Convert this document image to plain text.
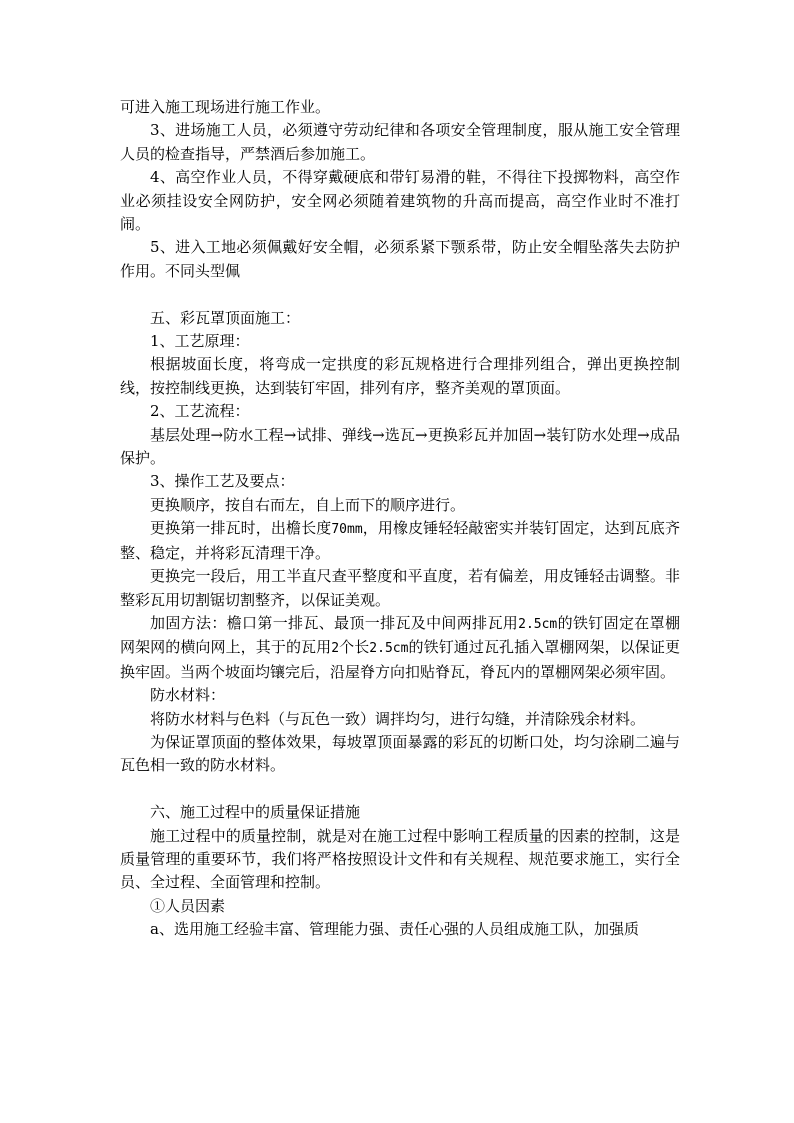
可进入施工现场进行施工作业。

3、进场施工人员，必须遵守劳动纪律和各项安全管理制度，服从施工安全管理人员的检查指导，严禁酒后参加施工。

4、高空作业人员，不得穿戴硬底和带钉易滑的鞋，不得往下投掷物料，高空作业必须挂设安全网防护，安全网必须随着建筑物的升高而提高，高空作业时不准打闹。

5、进入工地必须佩戴好安全帽，必须系紧下颚系带，防止安全帽坠落失去防护作用。不同头型佩

五、彩瓦罩顶面施工：

1、工艺原理：

根据坡面长度，将弯成一定拱度的彩瓦规格进行合理排列组合，弹出更换控制线，按控制线更换，达到装钉牢固，排列有序，整齐美观的罩顶面。

2、工艺流程：

基层处理→防水工程→试排、弹线→选瓦→更换彩瓦并加固→装钉防水处理→成品保护。

3、操作工艺及要点：

更换顺序，按自右而左，自上而下的顺序进行。

更换第一排瓦时，出檐长度70mm，用橡皮锤轻轻敲密实并装钉固定，达到瓦底齐整、稳定，并将彩瓦清理干净。

更换完一段后，用工半直尺查平整度和平直度，若有偏差，用皮锤轻击调整。非整彩瓦用切割锯切割整齐，以保证美观。

加固方法：檐口第一排瓦、最顶一排瓦及中间两排瓦用2.5cm的铁钉固定在罩棚网架网的横向网上，其于的瓦用2个长2.5cm的铁钉通过瓦孔插入罩棚网架，以保证更换牢固。当两个坡面均镶完后，沿屋脊方向扣贴脊瓦，脊瓦内的罩棚网架必须牢固。

防水材料：

将防水材料与色料（与瓦色一致）调拌均匀，进行勾缝，并清除残余材料。

为保证罩顶面的整体效果，每坡罩顶面暴露的彩瓦的切断口处，均匀涂刷二遍与瓦色相一致的防水材料。

六、施工过程中的质量保证措施

施工过程中的质量控制，就是对在施工过程中影响工程质量的因素的控制，这是质量管理的重要环节，我们将严格按照设计文件和有关规程、规范要求施工，实行全员、全过程、全面管理和控制。

①人员因素

a、选用施工经验丰富、管理能力强、责任心强的人员组成施工队，加强质
